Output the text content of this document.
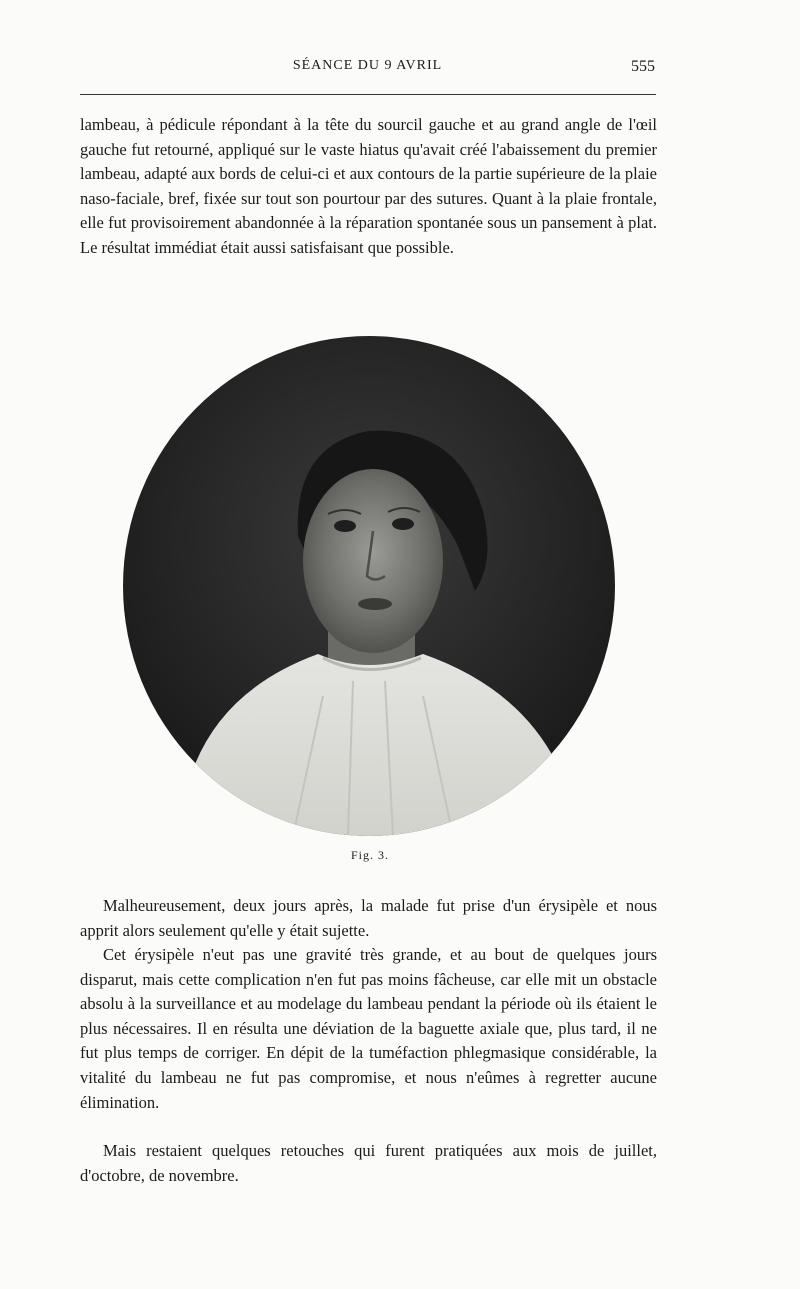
SÉANCE DU 9 AVRIL	555

lambeau, à pédicule répondant à la tête du sourcil gauche et au grand angle de l'œil gauche fut retourné, appliqué sur le vaste hiatus qu'avait créé l'abaissement du premier lambeau, adapté aux bords de celui-ci et aux contours de la partie supérieure de la plaie naso-faciale, bref, fixée sur tout son pourtour par des sutures. Quant à la plaie frontale, elle fut provisoirement abandonnée à la réparation spontanée sous un pansement à plat. Le résultat immédiat était aussi satisfaisant que possible.

Fig. 3.

Malheureusement, deux jours après, la malade fut prise d'un érysipèle et nous apprit alors seulement qu'elle y était sujette.

Cet érysipèle n'eut pas une gravité très grande, et au bout de quelques jours disparut, mais cette complication n'en fut pas moins fâcheuse, car elle mit un obstacle absolu à la surveillance et au modelage du lambeau pendant la période où ils étaient le plus nécessaires. Il en résulta une déviation de la baguette axiale que, plus tard, il ne fut plus temps de corriger. En dépit de la tuméfaction phlegmasique considérable, la vitalité du lambeau ne fut pas compromise, et nous n'eûmes à regretter aucune élimination.

Mais restaient quelques retouches qui furent pratiquées aux mois de juillet, d'octobre, de novembre.
